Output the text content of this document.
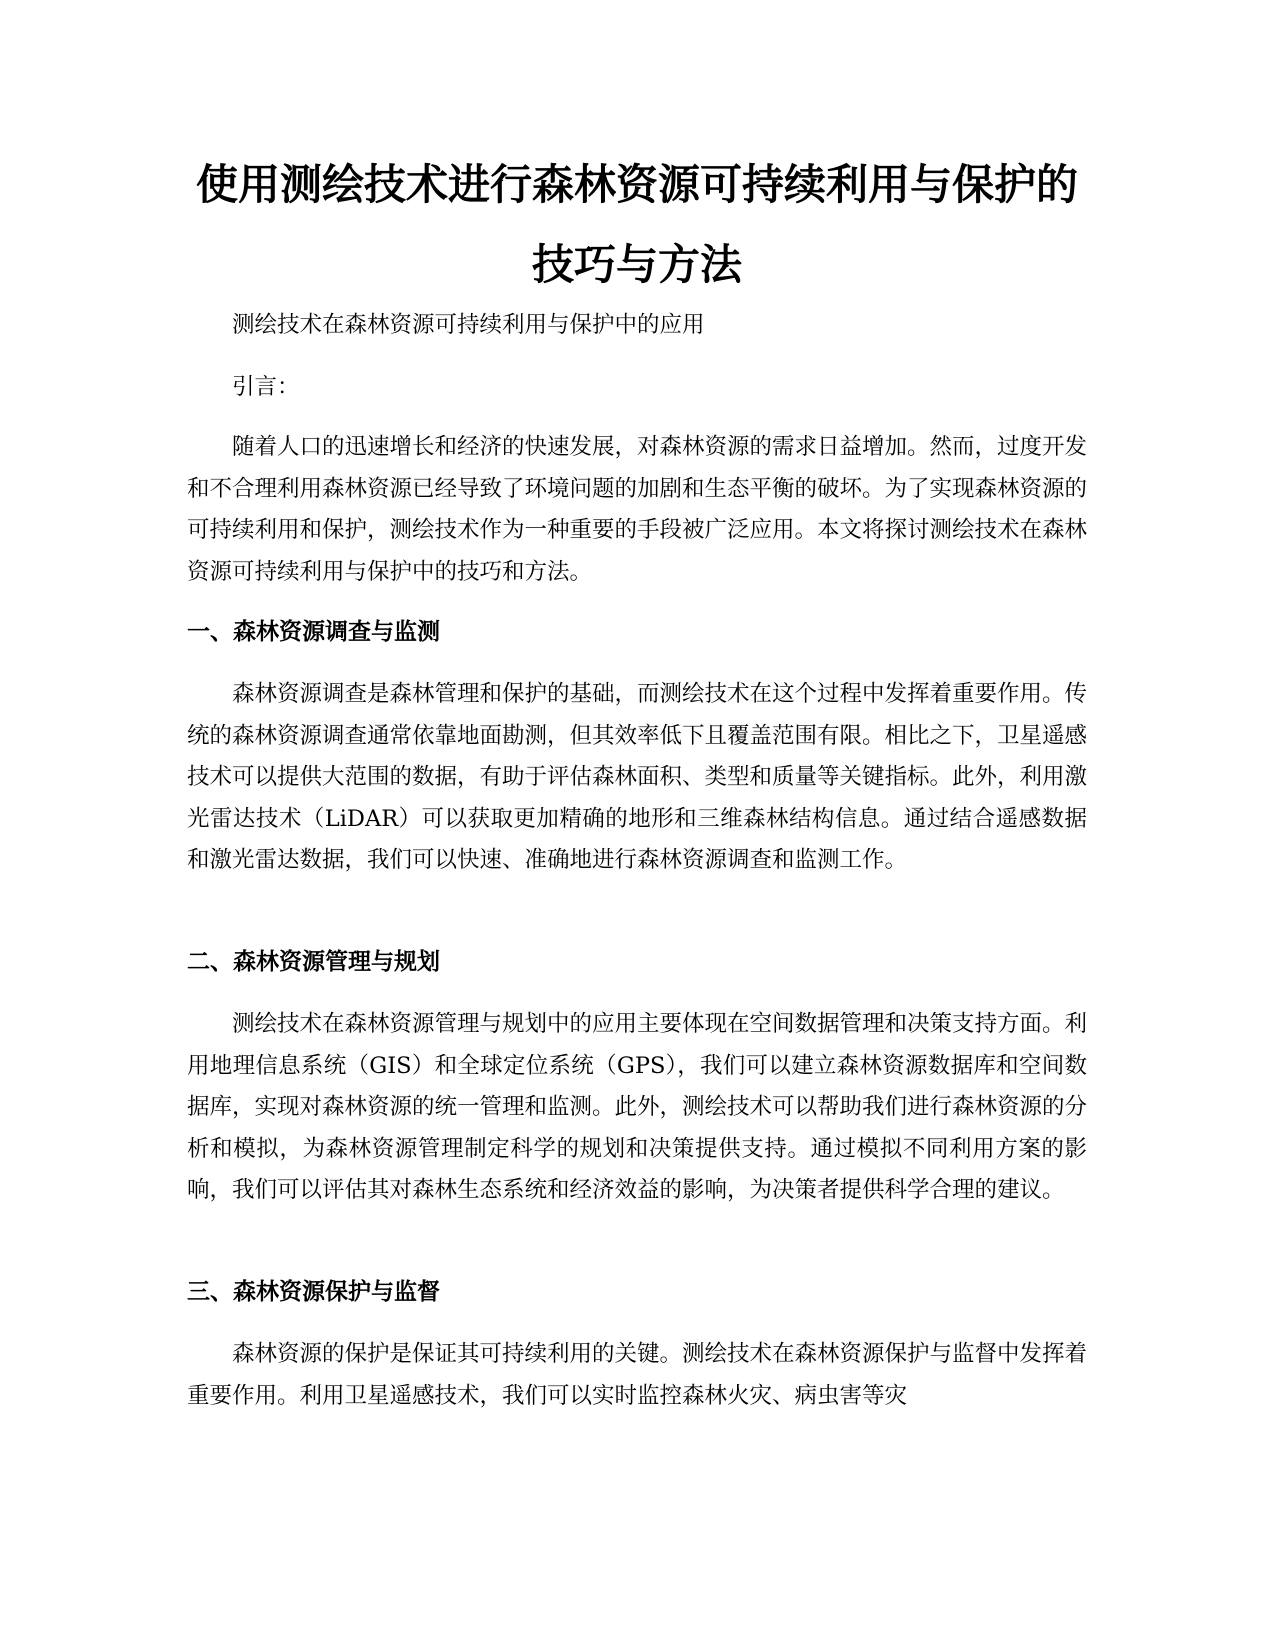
使用测绘技术进行森林资源可持续利用与保护的技巧与方法

测绘技术在森林资源可持续利用与保护中的应用

引言：

随着人口的迅速增长和经济的快速发展，对森林资源的需求日益增加。然而，过度开发和不合理利用森林资源已经导致了环境问题的加剧和生态平衡的破坏。为了实现森林资源的可持续利用和保护，测绘技术作为一种重要的手段被广泛应用。本文将探讨测绘技术在森林资源可持续利用与保护中的技巧和方法。

一、森林资源调查与监测

森林资源调查是森林管理和保护的基础，而测绘技术在这个过程中发挥着重要作用。传统的森林资源调查通常依靠地面勘测，但其效率低下且覆盖范围有限。相比之下，卫星遥感技术可以提供大范围的数据，有助于评估森林面积、类型和质量等关键指标。此外，利用激光雷达技术（LiDAR）可以获取更加精确的地形和三维森林结构信息。通过结合遥感数据和激光雷达数据，我们可以快速、准确地进行森林资源调查和监测工作。

二、森林资源管理与规划

测绘技术在森林资源管理与规划中的应用主要体现在空间数据管理和决策支持方面。利用地理信息系统（GIS）和全球定位系统（GPS），我们可以建立森林资源数据库和空间数据库，实现对森林资源的统一管理和监测。此外，测绘技术可以帮助我们进行森林资源的分析和模拟，为森林资源管理制定科学的规划和决策提供支持。通过模拟不同利用方案的影响，我们可以评估其对森林生态系统和经济效益的影响，为决策者提供科学合理的建议。

三、森林资源保护与监督

森林资源的保护是保证其可持续利用的关键。测绘技术在森林资源保护与监督中发挥着重要作用。利用卫星遥感技术，我们可以实时监控森林火灾、病虫害等灾
